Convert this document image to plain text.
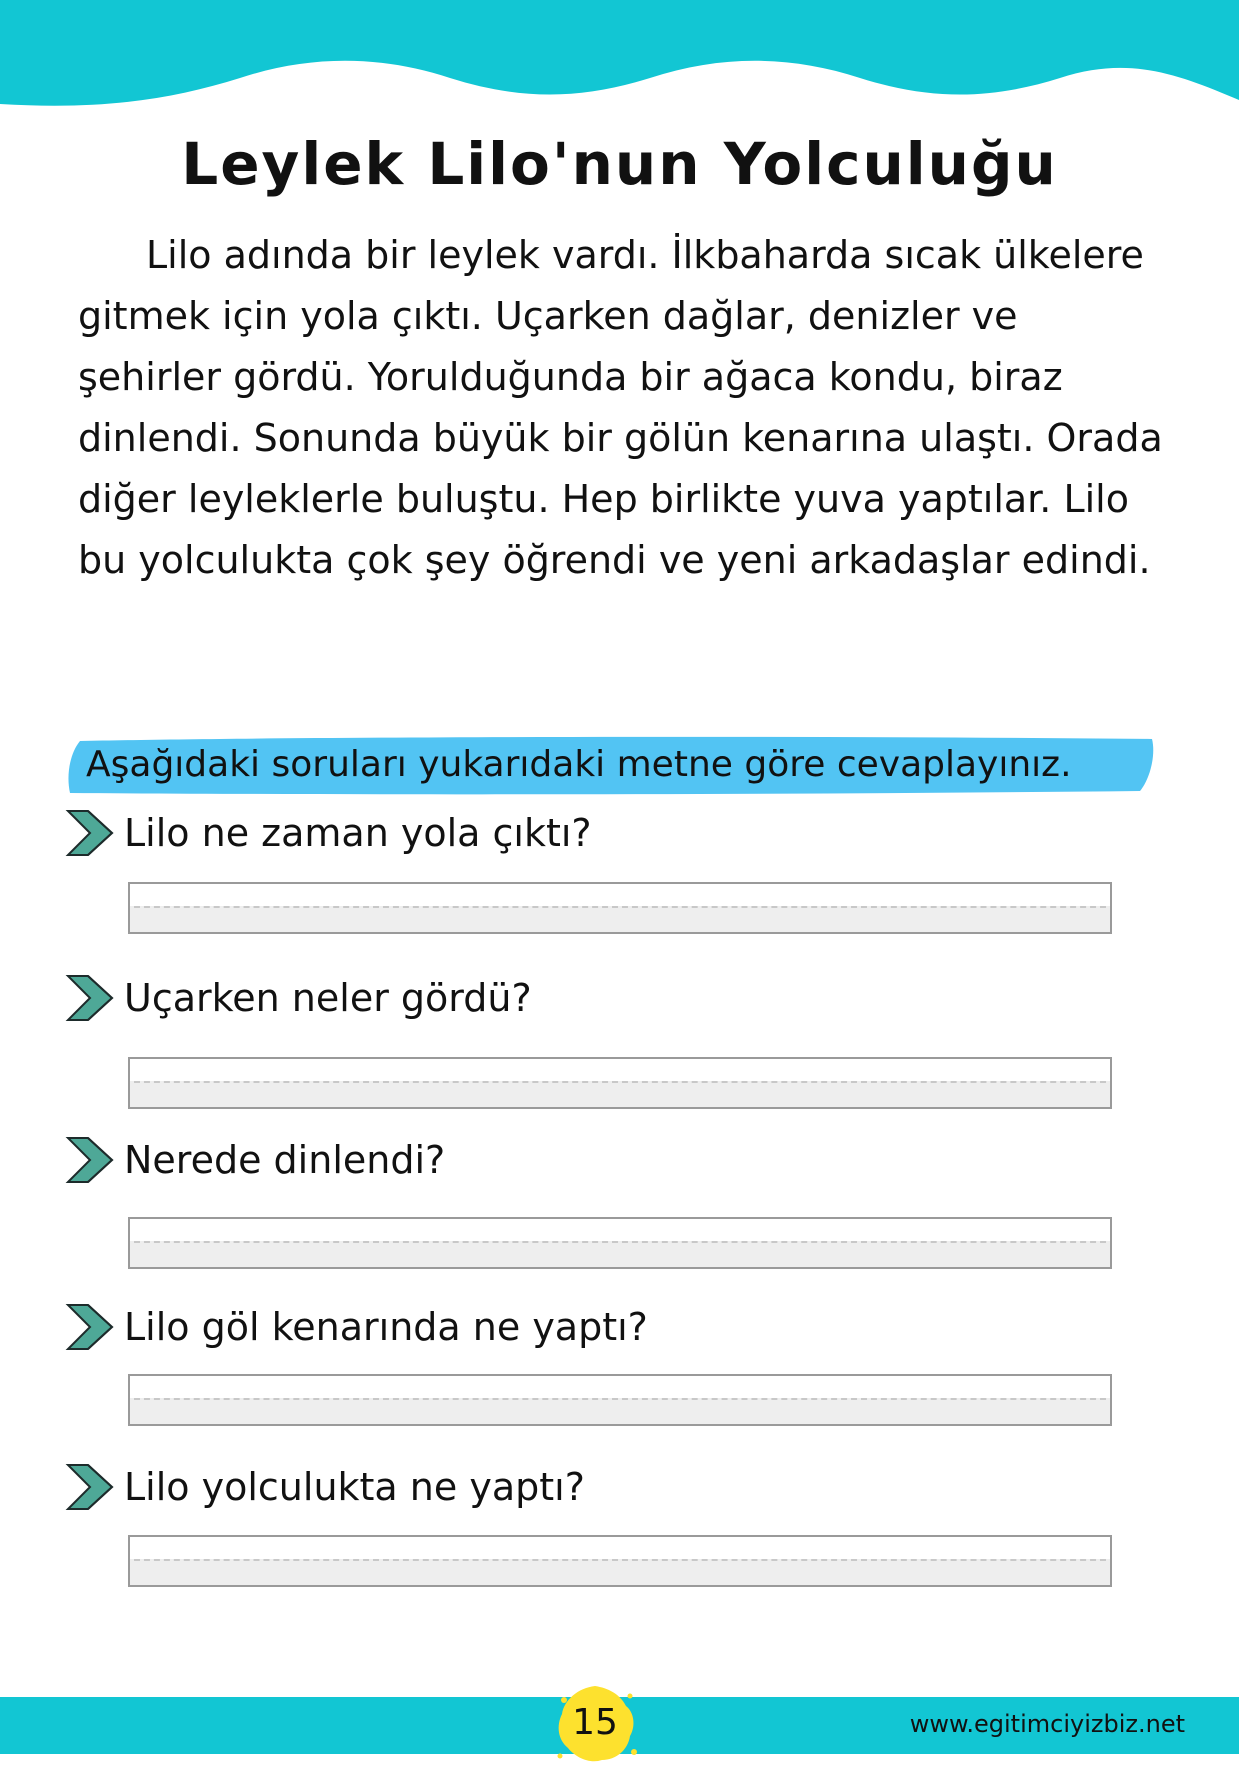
Leylek Lilo'nun Yolculuğu

Lilo adında bir leylek vardı. İlkbaharda sıcak ülkelere gitmek için yola çıktı. Uçarken dağlar, denizler ve şehirler gördü. Yorulduğunda bir ağaca kondu, biraz dinlendi. Sonunda büyük bir gölün kenarına ulaştı. Orada diğer leyleklerle buluştu. Hep birlikte yuva yaptılar. Lilo bu yolculukta çok şey öğrendi ve yeni arkadaşlar edindi.

Aşağıdaki soruları yukarıdaki metne göre cevaplayınız.

Lilo ne zaman yola çıktı?
Uçarken neler gördü?
Nerede dinlendi?
Lilo göl kenarında ne yaptı?
Lilo yolculukta ne yaptı?
15	www.egitimciyizbiz.net
